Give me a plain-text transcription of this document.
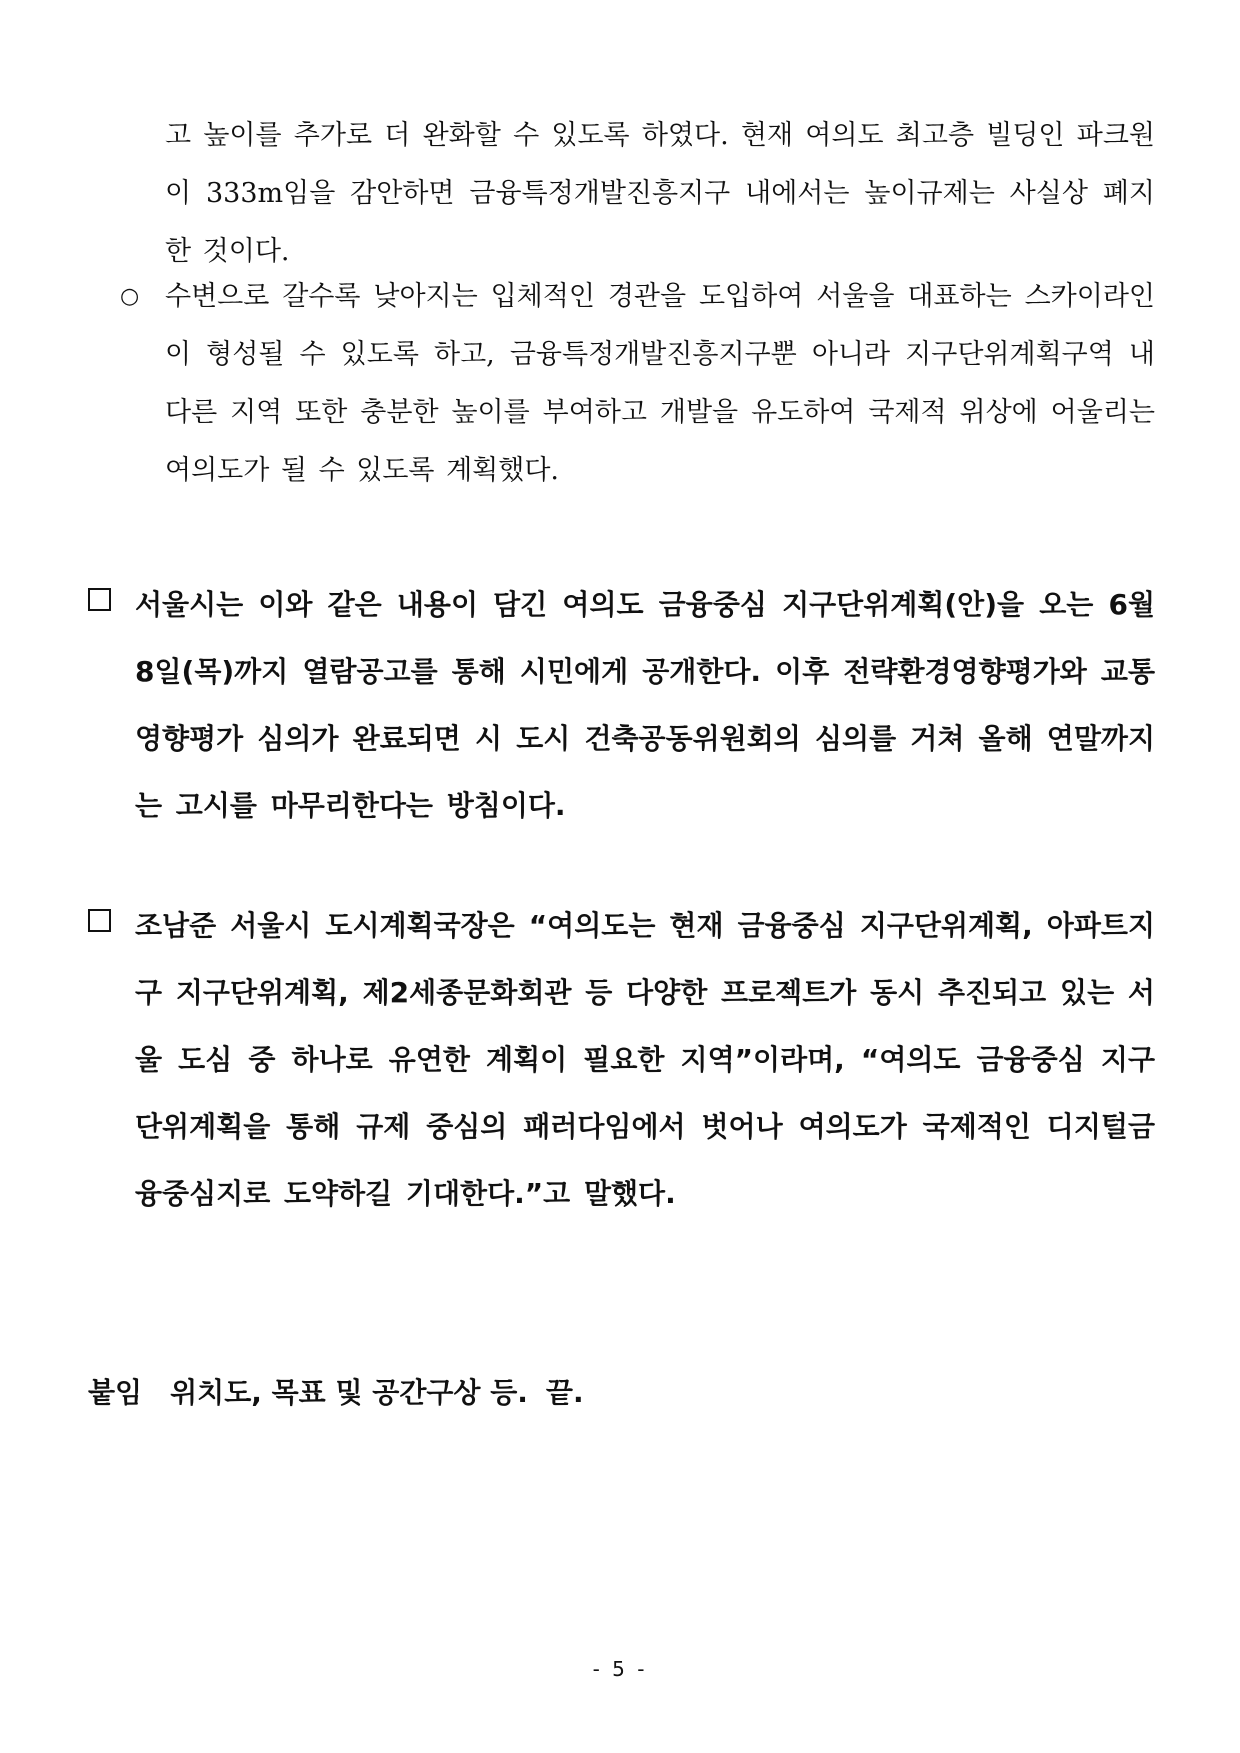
고 높이를 추가로 더 완화할 수 있도록 하였다. 현재 여의도 최고층 빌딩인 파크원이 333m임을 감안하면 금융특정개발진흥지구 내에서는 높이규제는 사실상 폐지한 것이다.
○ 수변으로 갈수록 낮아지는 입체적인 경관을 도입하여 서울을 대표하는 스카이라인이 형성될 수 있도록 하고, 금융특정개발진흥지구뿐 아니라 지구단위계획구역 내 다른 지역 또한 충분한 높이를 부여하고 개발을 유도하여 국제적 위상에 어울리는 여의도가 될 수 있도록 계획했다.
서울시는 이와 같은 내용이 담긴 여의도 금융중심 지구단위계획(안)을 오는 6월 8일(목)까지 열람공고를 통해 시민에게 공개한다. 이후 전략환경영향평가와 교통영향평가 심의가 완료되면 시 도시 건축공동위원회의 심의를 거쳐 올해 연말까지는 고시를 마무리한다는 방침이다.
조남준 서울시 도시계획국장은 “여의도는 현재 금융중심 지구단위계획, 아파트지구 지구단위계획, 제2세종문화회관 등 다양한 프로젝트가 동시 추진되고 있는 서울 도심 중 하나로 유연한 계획이 필요한 지역”이라며, “여의도 금융중심 지구단위계획을 통해 규제 중심의 패러다임에서 벗어나 여의도가 국제적인 디지털금융중심지로 도약하길 기대한다.”고 말했다.
붙임 위치도, 목표 및 공간구상 등. 끝.
- 5 -
